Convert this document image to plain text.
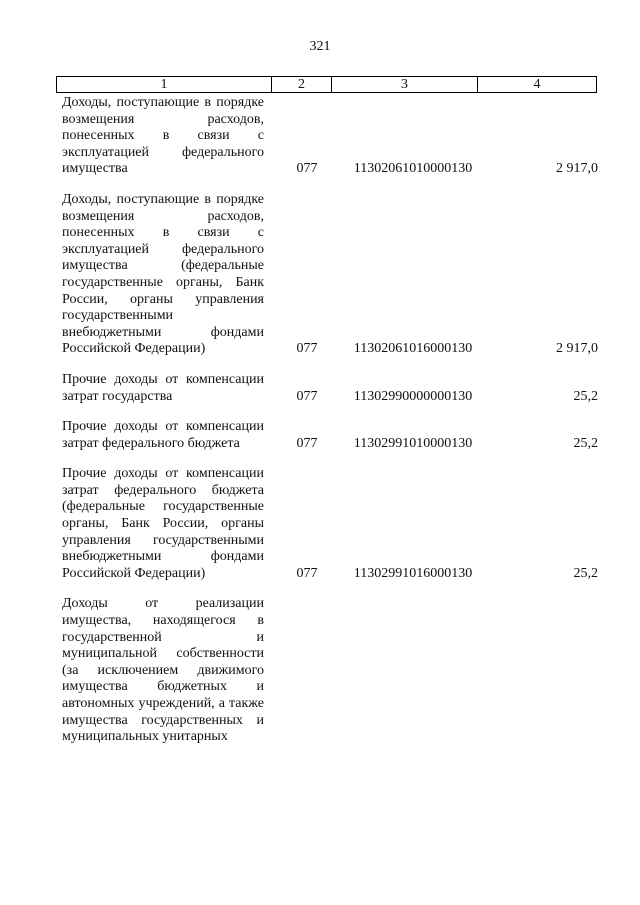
321
1	2	3	4
Доходы, поступающие в порядке возмещения расходов, понесенных в связи с эксплуатацией федерального имущества	077	11302061010000130	2 917,0
Доходы, поступающие в порядке возмещения расходов, понесенных в связи с эксплуатацией федерального имущества (федеральные государственные органы, Банк России, органы управления государственными внебюджетными фондами Российской Федерации)	077	11302061016000130	2 917,0
Прочие доходы от компенсации затрат государства	077	11302990000000130	25,2
Прочие доходы от компенсации затрат федерального бюджета	077	11302991010000130	25,2
Прочие доходы от компенсации затрат федерального бюджета (федеральные государственные органы, Банк России, органы управления государственными внебюджетными фондами Российской Федерации)	077	11302991016000130	25,2
Доходы от реализации имущества, находящегося в государственной и муниципальной собственности (за исключением движимого имущества бюджетных и автономных учреждений, а также имущества государственных и муниципальных унитарных
